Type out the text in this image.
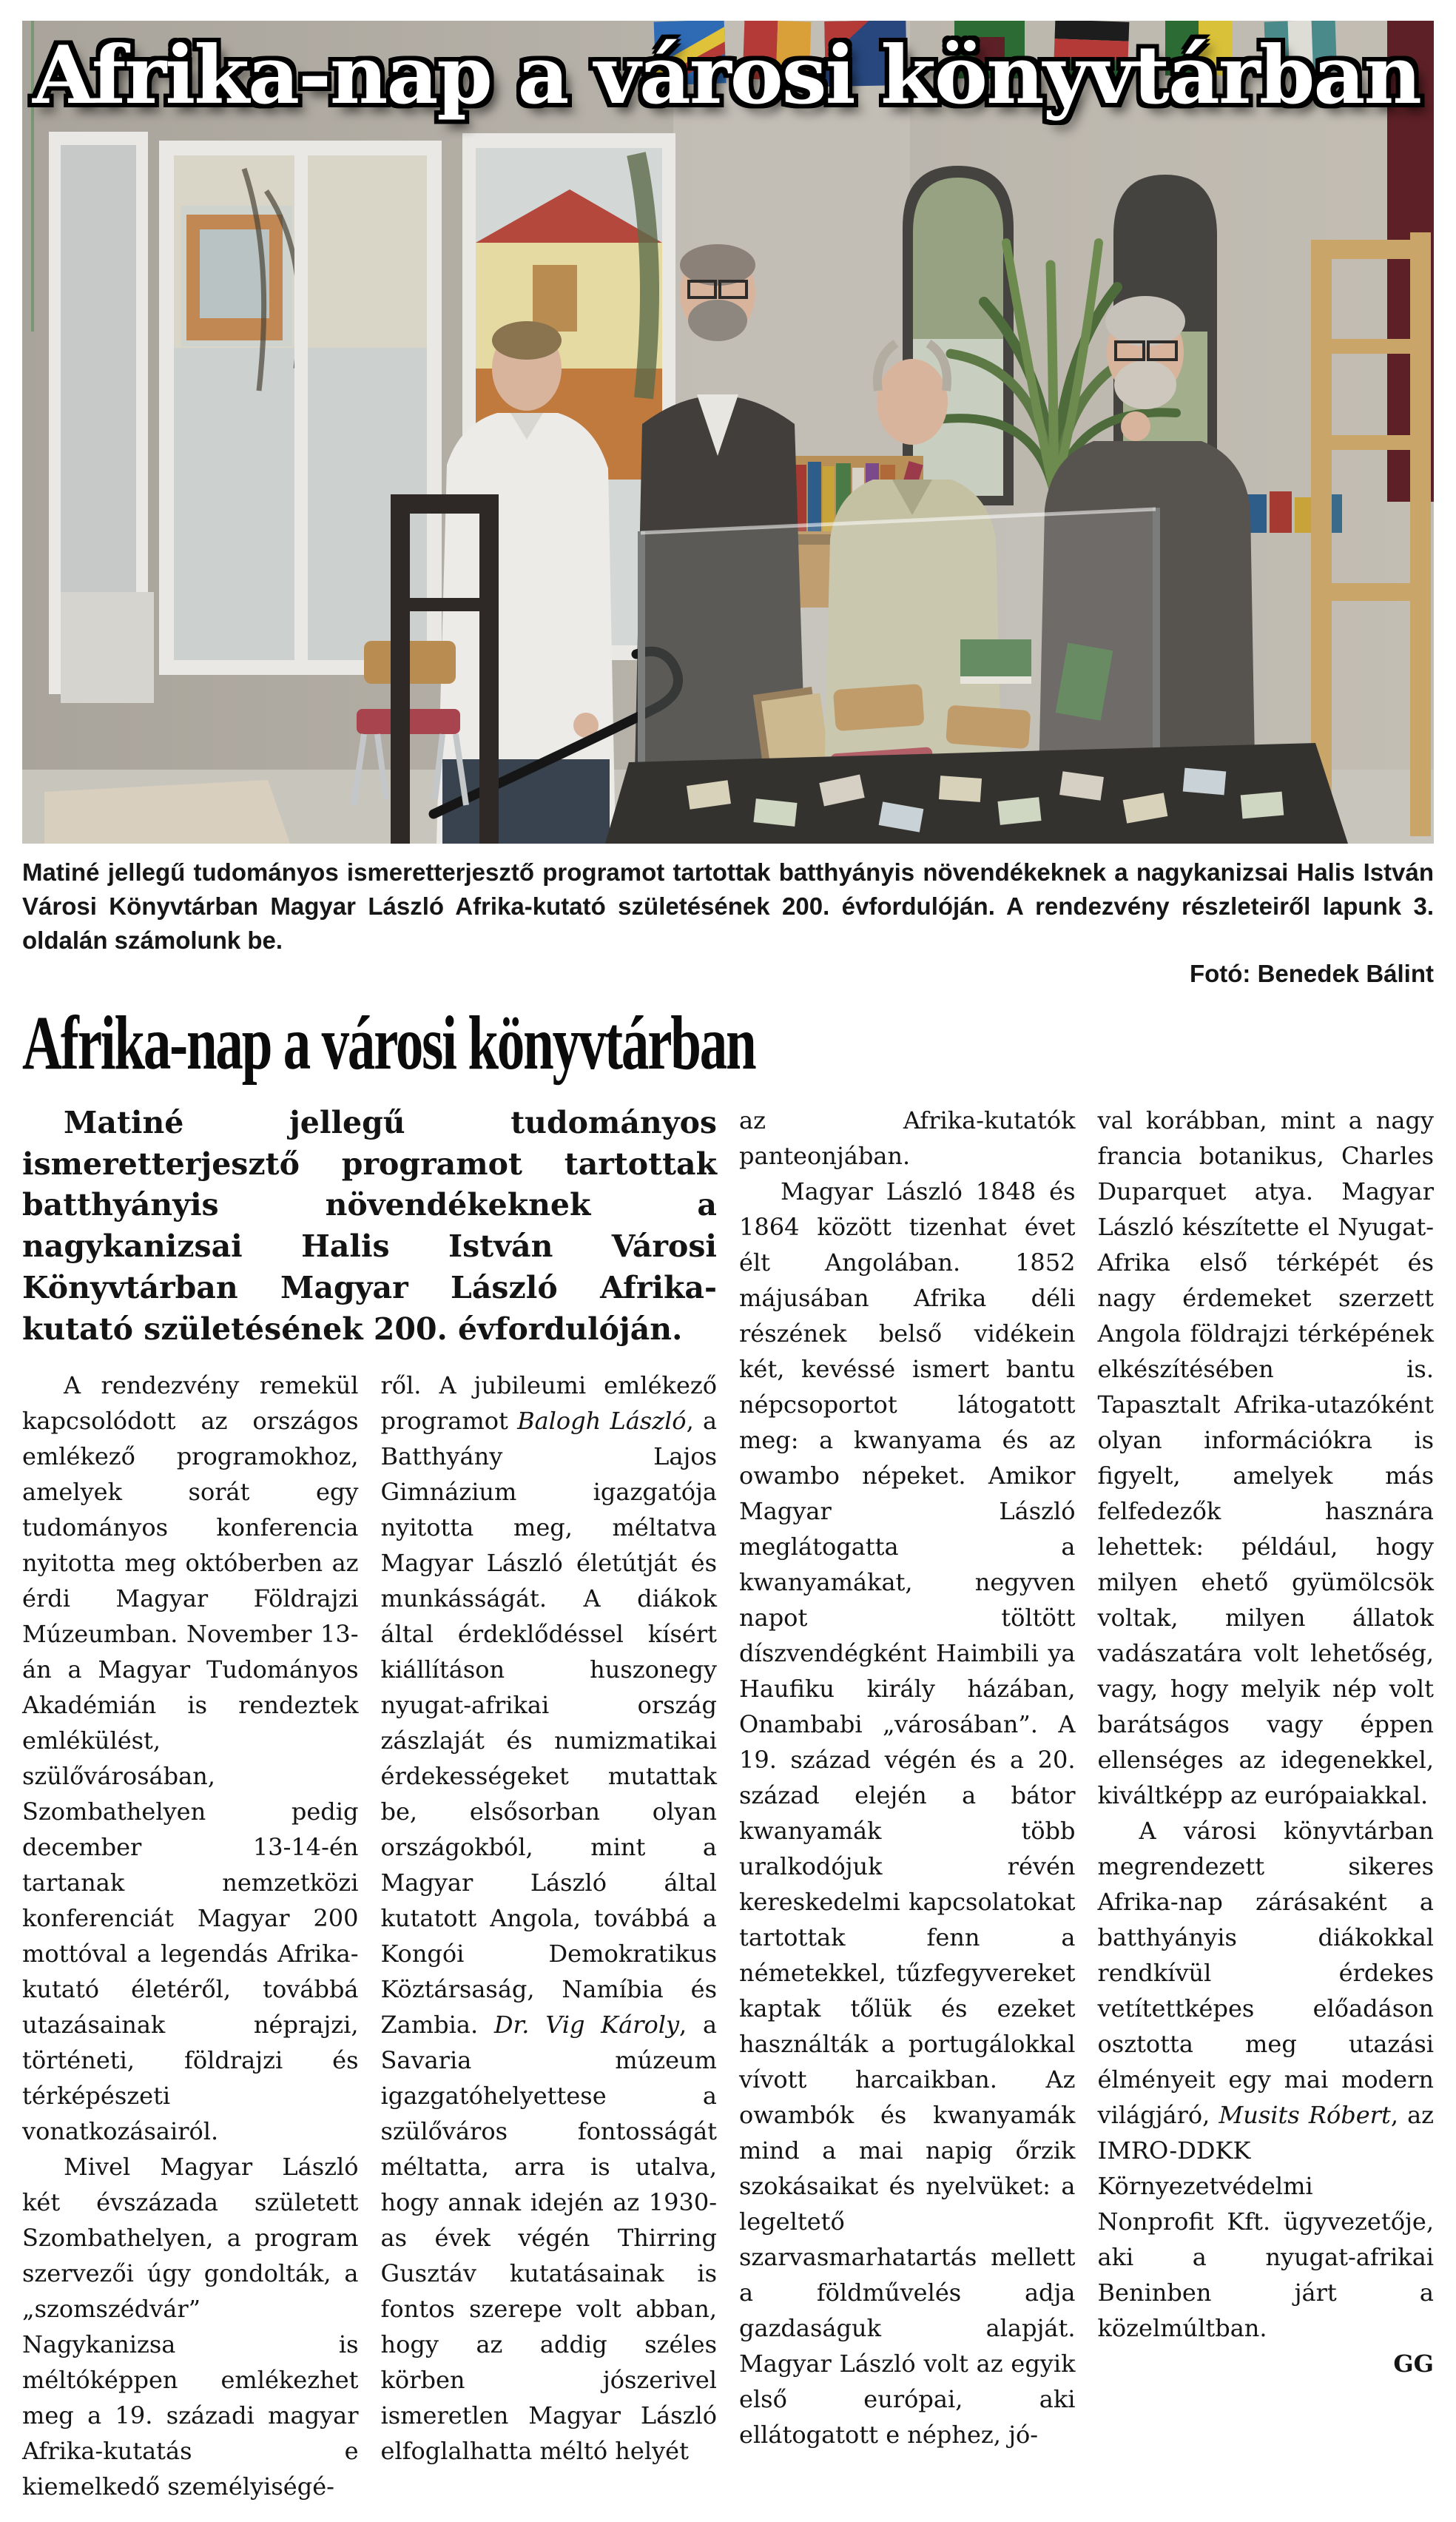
Afrika-nap a városi könyvtárban

Matiné jellegű tudományos ismeretterjesztő programot tartottak batthyányis növendékeknek a nagykanizsai Halis István Városi Könyvtárban Magyar László Afrika-kutató születésének 200. évfordulóján. A rendezvény részleteiről lapunk 3. oldalán számolunk be.

Fotó: Benedek Bálint

Afrika-nap a városi könyvtárban

Matiné jellegű tudományos ismeretterjesztő programot tartottak batthyányis növendékeknek a nagykanizsai Halis István Városi Könyvtárban Magyar László Afrika-kutató születésének 200. évfordulóján.

A rendezvény remekül kapcsolódott az országos emlékező programokhoz, amelyek sorát egy tudományos konferencia nyitotta meg októberben az érdi Magyar Földrajzi Múzeumban. November 13-án a Magyar Tudományos Akadémián is rendeztek emlékülést, szülővárosában, Szombathelyen pedig december 13-14-én tartanak nemzetközi konferenciát Magyar 200 mottóval a legendás Afrika-kutató életéről, továbbá utazásainak néprajzi, történeti, földrajzi és térképészeti vonatkozásairól.

Mivel Magyar László két évszázada született Szombathelyen, a program szervezői úgy gondolták, a „szomszédvár” Nagykanizsa is méltóképpen emlékezhet meg a 19. századi magyar Afrika-kutatás e kiemelkedő személyiségé-

ről. A jubileumi emlékező programot Balogh László, a Batthyány Lajos Gimnázium igazgatója nyitotta meg, méltatva Magyar László életútját és munkásságát. A diákok által érdeklődéssel kísért kiállításon huszonegy nyugat-afrikai ország zászlaját és numizmatikai érdekességeket mutattak be, elsősorban olyan országokból, mint a Magyar László által kutatott Angola, továbbá a Kongói Demokratikus Köztársaság, Namíbia és Zambia. Dr. Vig Károly, a Savaria múzeum igazgatóhelyettese a szülőváros fontosságát méltatta, arra is utalva, hogy annak idején az 1930-as évek végén Thirring Gusztáv kutatásainak is fontos szerepe volt abban, hogy az addig széles körben jószerivel ismeretlen Magyar László elfoglalhatta méltó helyét

az Afrika-kutatók panteonjában.

Magyar László 1848 és 1864 között tizenhat évet élt Angolában. 1852 májusában Afrika déli részének belső vidékein két, kevéssé ismert bantu népcsoportot látogatott meg: a kwanyama és az owambo népeket. Amikor Magyar László meglátogatta a kwanyamákat, negyven napot töltött díszvendégként Haimbili ya Haufiku király házában, Onambabi „városában”. A 19. század végén és a 20. század elején a bátor kwanyamák több uralkodójuk révén kereskedelmi kapcsolatokat tartottak fenn a németekkel, tűzfegyvereket kaptak tőlük és ezeket használták a portugálokkal vívott harcaikban. Az owambók és kwanyamák mind a mai napig őrzik szokásaikat és nyelvüket: a legeltető szarvasmarhatartás mellett a földművelés adja gazdaságuk alapját. Magyar László volt az egyik első európai, aki ellátogatott e néphez, jó-

val korábban, mint a nagy francia botanikus, Charles Duparquet atya. Magyar László készítette el Nyugat-Afrika első térképét és nagy érdemeket szerzett Angola földrajzi térképének elkészítésében is. Tapasztalt Afrika-utazóként olyan információkra is figyelt, amelyek más felfedezők hasznára lehettek: például, hogy milyen ehető gyümölcsök voltak, milyen állatok vadászatára volt lehetőség, vagy, hogy melyik nép volt barátságos vagy éppen ellenséges az idegenekkel, kiváltképp az európaiakkal.

A városi könyvtárban megrendezett sikeres Afrika-nap zárásaként a batthyányis diákokkal rendkívül érdekes vetítettképes előadáson osztotta meg utazási élményeit egy mai modern világjáró, Musits Róbert, az IMRO-DDKK Környezetvédelmi Nonprofit Kft. ügyvezetője, aki a nyugat-afrikai Beninben járt a közelmúltban.

GG
